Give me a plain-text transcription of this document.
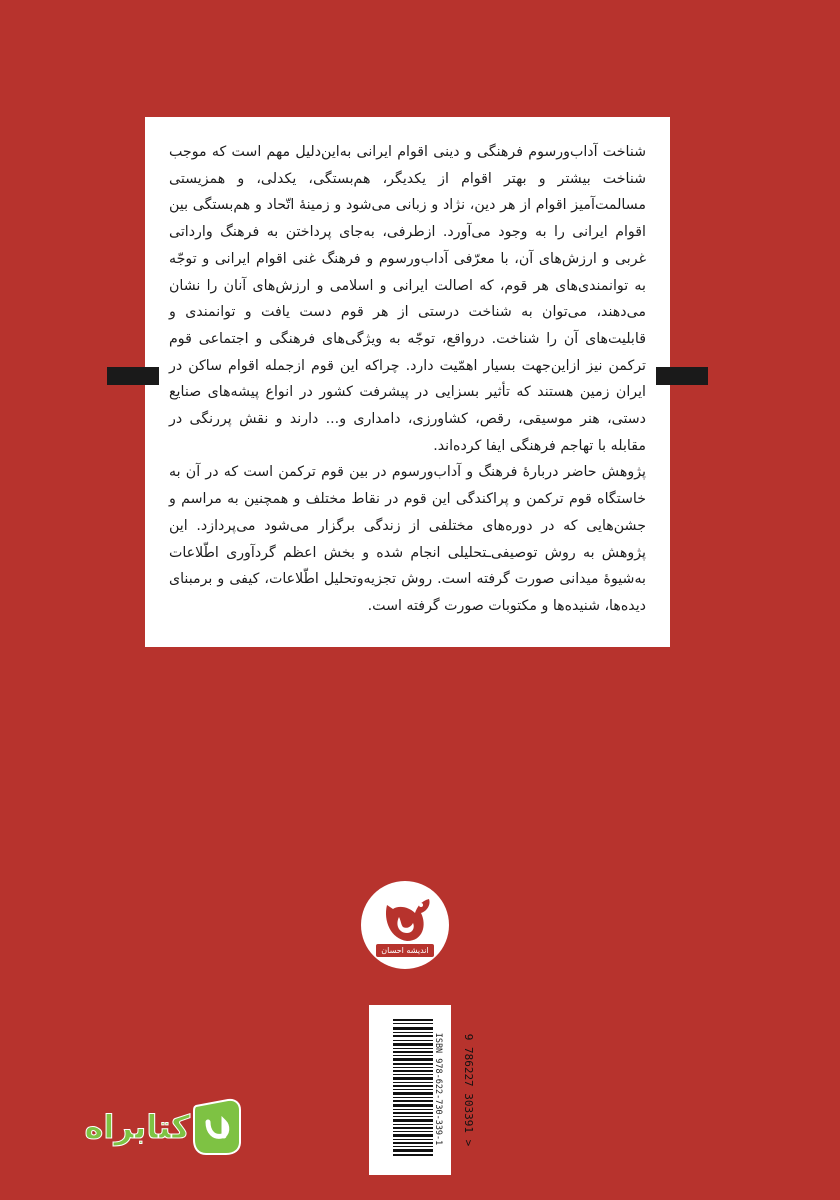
شناخت آداب‌ورسوم فرهنگی و دینی اقوام ایرانی به‌این‌دلیل مهم است که موجب شناخت بیشتر و بهتر اقوام از یکدیگر، هم‌بستگی، یکدلی، و همزیستی مسالمت‌آمیز اقوام از هر دین، نژاد و زبانی می‌شود و زمینهٔ اتّحاد و هم‌بستگی بین اقوام ایرانی را به وجود می‌آورد. ازطرفی، به‌جای پرداختن به فرهنگ وارداتی غربی و ارزش‌های آن، با معرّفی آداب‌ورسوم و فرهنگ غنی اقوام ایرانی و توجّه به توانمندی‌های هر قوم، که اصالت ایرانی و اسلامی و ارزش‌های آنان را نشان می‌دهند، می‌توان به شناخت درستی از هر قوم دست یافت و توانمندی و قابلیت‌های آن را شناخت. درواقع، توجّه به ویژگی‌های فرهنگی و اجتماعی قوم ترکمن نیز ازاین‌جهت بسیار اهمّیت دارد. چراکه این قوم ازجمله اقوام ساکن در ایران زمین هستند که تأثیر بسزایی در پیشرفت کشور در انواع پیشه‌های صنایع دستی، هنر موسیقی، رقص، کشاورزی، دامداری و... دارند و نقش پررنگی در مقابله با تهاجم فرهنگی ایفا کرده‌اند.

پژوهش حاضر دربارهٔ فرهنگ و آداب‌ورسوم در بین قوم ترکمن است که در آن به خاستگاه قوم ترکمن و پراکندگی این قوم در نقاط مختلف و همچنین به مراسم و جشن‌هایی که در دوره‌های مختلفی از زندگی برگزار می‌شود می‌پردازد. این پژوهش به روش توصیفی‌ـتحلیلی انجام شده و بخش اعظم گردآوری اطّلاعات به‌شیوهٔ میدانی صورت گرفته است. روش تجزیه‌وتحلیل اطّلاعات، کیفی و برمبنای دیده‌ها، شنیده‌ها و مکتوبات صورت گرفته است.

اندیشه احسان
ISBN 978-622-730-339-1 9 786227 303391 >
کتابراه
